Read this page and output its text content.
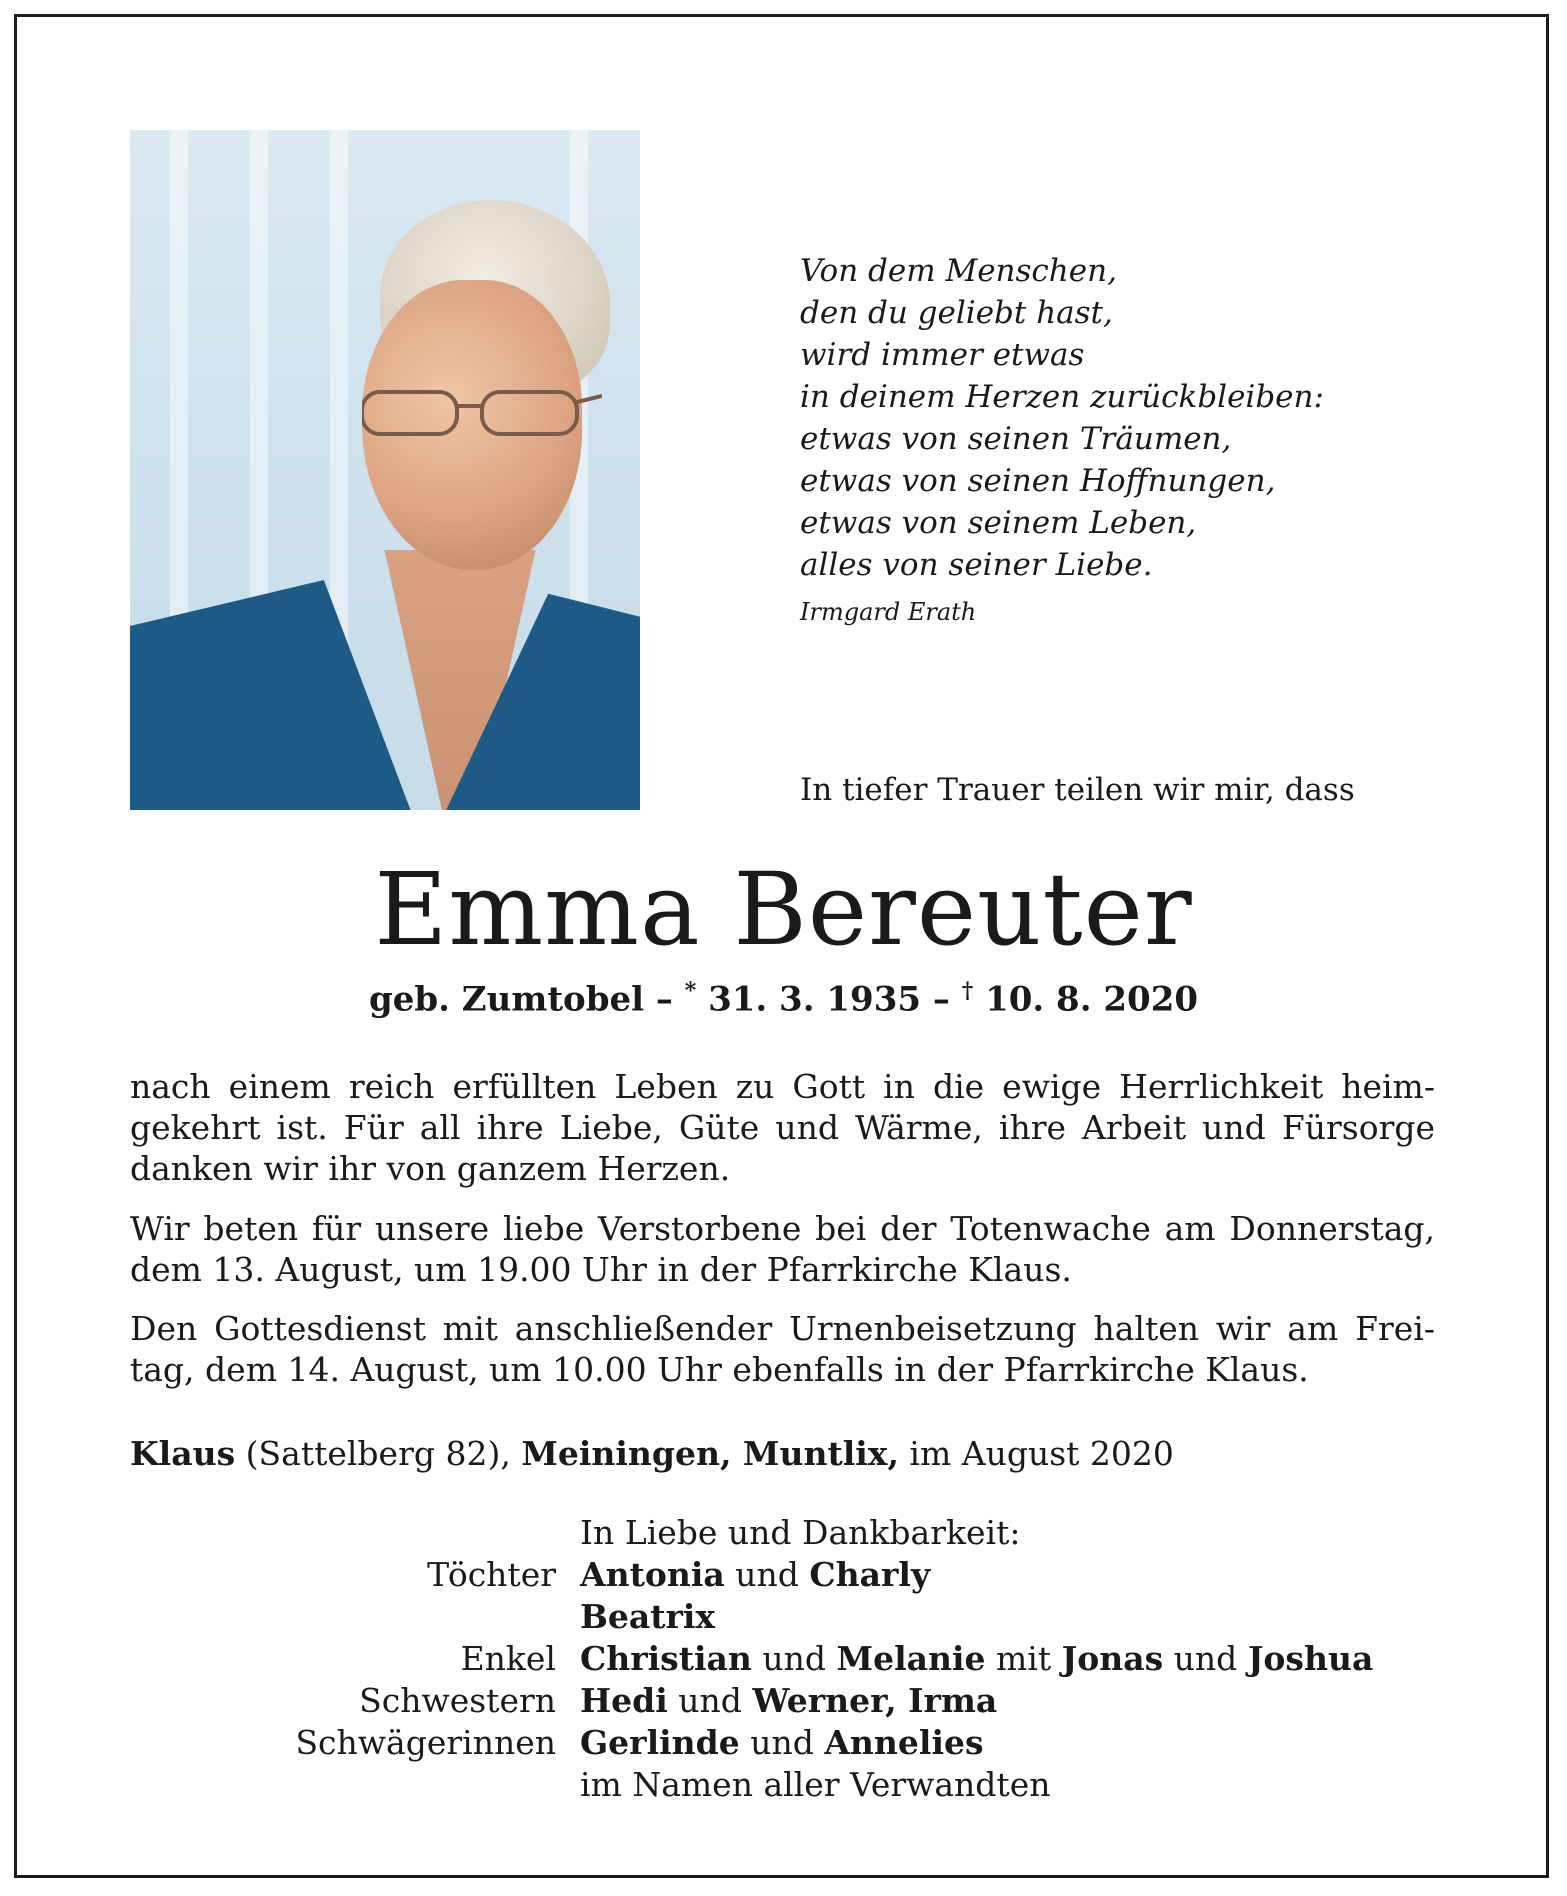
Von dem Menschen,
den du geliebt hast,
wird immer etwas
in deinem Herzen zurückbleiben:
etwas von seinen Träumen,
etwas von seinen Hoffnungen,
etwas von seinem Leben,
alles von seiner Liebe.
Irmgard Erath
In tiefer Trauer teilen wir mir, dass
Emma Bereuter
geb. Zumtobel – * 31. 3. 1935 – † 10. 8. 2020
nach einem reich erfüllten Leben zu Gott in die ewige Herrlichkeit heimgekehrt ist. Für all ihre Liebe, Güte und Wärme, ihre Arbeit und Fürsorge danken wir ihr von ganzem Herzen.
Wir beten für unsere liebe Verstorbene bei der Totenwache am Donnerstag, dem 13. August, um 19.00 Uhr in der Pfarrkirche Klaus.
Den Gottesdienst mit anschließender Urnenbeisetzung halten wir am Freitag, dem 14. August, um 10.00 Uhr ebenfalls in der Pfarrkirche Klaus.
Klaus (Sattelberg 82), Meiningen, Muntlix, im August 2020
In Liebe und Dankbarkeit:
Töchter Antonia und Charly
Beatrix
Enkel Christian und Melanie mit Jonas und Joshua
Schwestern Hedi und Werner, Irma
Schwägerinnen Gerlinde und Annelies
im Namen aller Verwandten
